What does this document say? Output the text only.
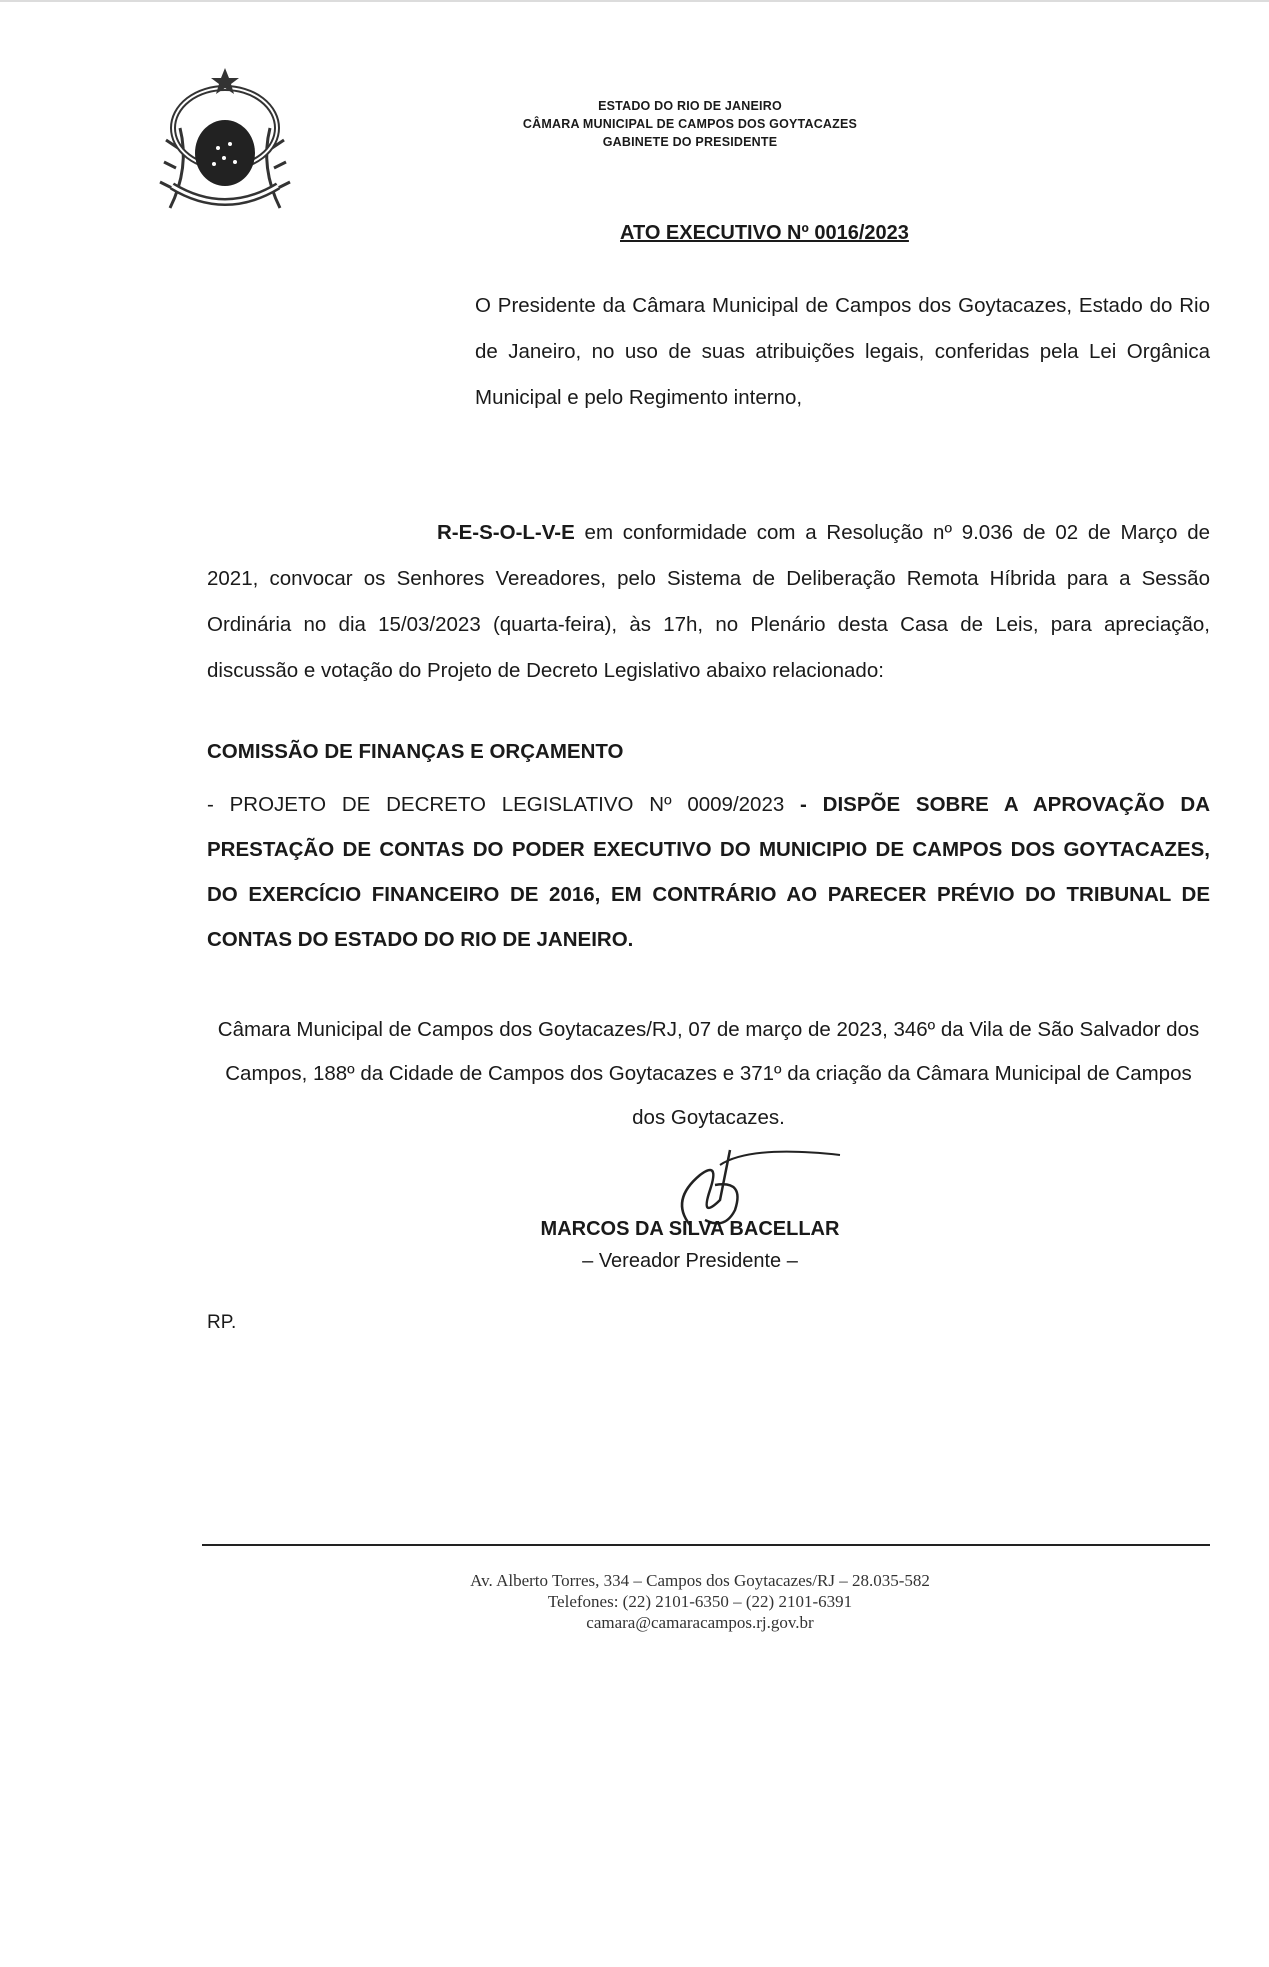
ESTADO DO RIO DE JANEIRO
CÂMARA MUNICIPAL DE CAMPOS DOS GOYTACAZES
GABINETE DO PRESIDENTE
ATO EXECUTIVO Nº 0016/2023
O Presidente da Câmara Municipal de Campos dos Goytacazes, Estado do Rio de Janeiro, no uso de suas atribuições legais, conferidas pela Lei Orgânica Municipal e pelo Regimento interno,
R-E-S-O-L-V-E em conformidade com a Resolução nº 9.036 de 02 de Março de 2021, convocar os Senhores Vereadores, pelo Sistema de Deliberação Remota Híbrida para a Sessão Ordinária no dia 15/03/2023 (quarta-feira), às 17h, no Plenário desta Casa de Leis, para apreciação, discussão e votação do Projeto de Decreto Legislativo abaixo relacionado:
COMISSÃO DE FINANÇAS E ORÇAMENTO
- PROJETO DE DECRETO LEGISLATIVO Nº 0009/2023 - DISPÕE SOBRE A APROVAÇÃO DA PRESTAÇÃO DE CONTAS DO PODER EXECUTIVO DO MUNICIPIO DE CAMPOS DOS GOYTACAZES, DO EXERCÍCIO FINANCEIRO DE 2016, EM CONTRÁRIO AO PARECER PRÉVIO DO TRIBUNAL DE CONTAS DO ESTADO DO RIO DE JANEIRO.
Câmara Municipal de Campos dos Goytacazes/RJ, 07 de março de 2023, 346º da Vila de São Salvador dos Campos, 188º da Cidade de Campos dos Goytacazes e 371º da criação da Câmara Municipal de Campos dos Goytacazes.
MARCOS DA SILVA BACELLAR
– Vereador Presidente –
RP.
Av. Alberto Torres, 334 – Campos dos Goytacazes/RJ – 28.035-582
Telefones: (22) 2101-6350 – (22) 2101-6391
camara@camaracampos.rj.gov.br
